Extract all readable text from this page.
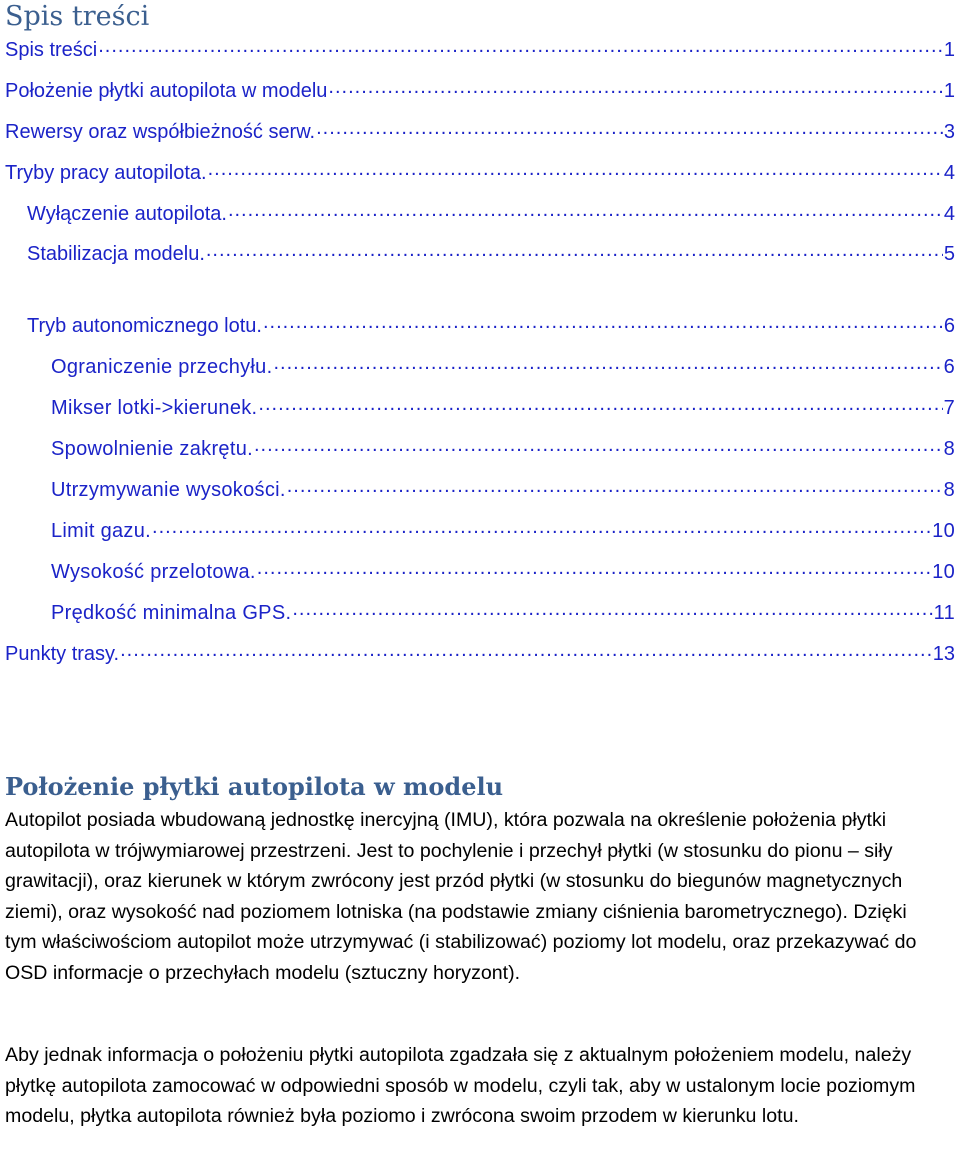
Spis treści
Spis treści .....	1
Położenie płytki autopilota w modelu .....	1
Rewersy oraz współbieżność serw. .....	3
Tryby pracy autopilota. .....	4
Wyłączenie autopilota. .....	4
Stabilizacja modelu. .....	5
Tryb autonomicznego lotu. .....	6
Ograniczenie przechyłu. .....	6
Mikser lotki->kierunek. .....	7
Spowolnienie zakrętu. .....	8
Utrzymywanie wysokości. .....	8
Limit gazu. .....	10
Wysokość przelotowa. .....	10
Prędkość minimalna GPS. .....	11
Punkty trasy. .....	13
Położenie płytki autopilota w modelu

Autopilot posiada wbudowaną jednostkę inercyjną (IMU), która pozwala na określenie położenia płytki autopilota w trójwymiarowej przestrzeni. Jest to pochylenie i przechył płytki (w stosunku do pionu – siły grawitacji), oraz kierunek w którym zwrócony jest przód płytki (w stosunku do biegunów magnetycznych ziemi), oraz wysokość nad poziomem lotniska (na podstawie zmiany ciśnienia barometrycznego). Dzięki tym właściwościom autopilot może utrzymywać (i stabilizować) poziomy lot modelu, oraz przekazywać do OSD informacje o przechyłach modelu (sztuczny horyzont).

Aby jednak informacja o położeniu płytki autopilota zgadzała się z aktualnym położeniem modelu, należy płytkę autopilota zamocować w odpowiedni sposób w modelu, czyli tak, aby w ustalonym locie poziomym modelu, płytka autopilota również była poziomo i zwrócona swoim przodem w kierunku lotu.
